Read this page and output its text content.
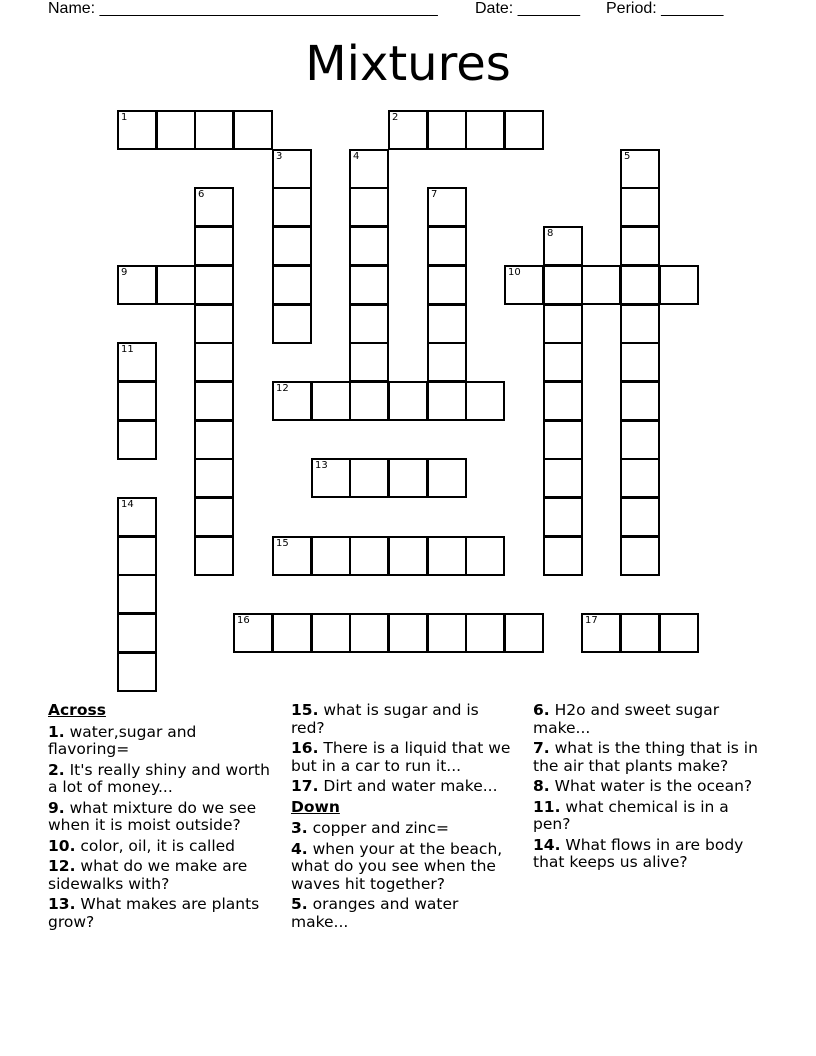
Name: ______________________________________ Date: _______ Period: _______
Mixtures
1	2
3	4	5
6	7
8
9	10
11
12
13
14
15
16	17
Across
1. water,sugar and flavoring=
2. It's really shiny and worth a lot of money...
9. what mixture do we see when it is moist outside?
10. color, oil, it is called
12. what do we make are sidewalks with?
13. What makes are plants grow?
15. what is sugar and is red?
16. There is a liquid that we but in a car to run it...
17. Dirt and water make...
Down
3. copper and zinc=
4. when your at the beach, what do you see when the waves hit together?
5. oranges and water make...
6. H2o and sweet sugar make...
7. what is the thing that is in the air that plants make?
8. What water is the ocean?
11. what chemical is in a pen?
14. What flows in are body that keeps us alive?
